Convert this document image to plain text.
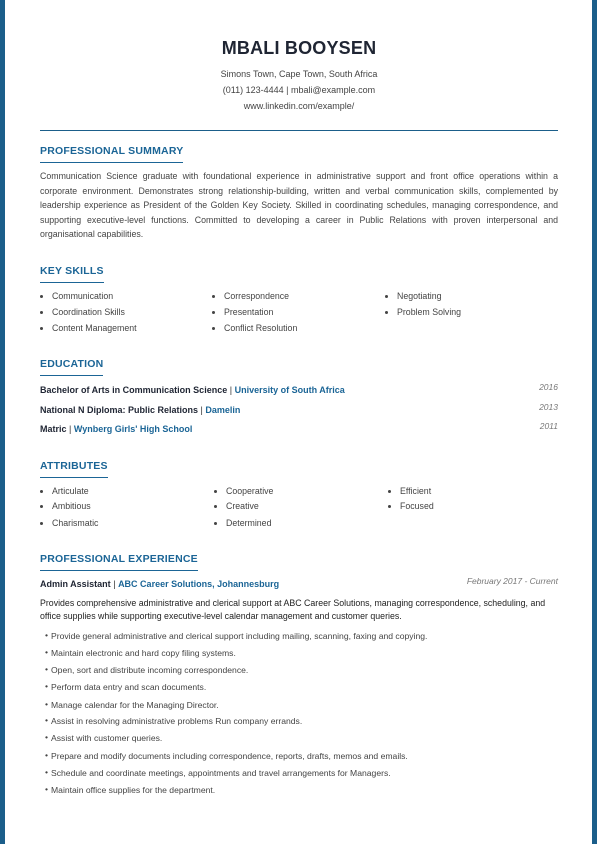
MBALI BOOYSEN
Simons Town, Cape Town, South Africa
(011) 123-4444 | mbali@example.com
www.linkedin.com/example/
PROFESSIONAL SUMMARY
Communication Science graduate with foundational experience in administrative support and front office operations within a corporate environment. Demonstrates strong relationship-building, written and verbal communication skills, complemented by leadership experience as President of the Golden Key Society. Skilled in coordinating schedules, managing correspondence, and supporting executive-level functions. Committed to developing a career in Public Relations with proven interpersonal and organisational capabilities.
KEY SKILLS
Communication
Coordination Skills
Content Management
Correspondence
Presentation
Conflict Resolution
Negotiating
Problem Solving
EDUCATION
Bachelor of Arts in Communication Science | University of South Africa	2016
National N Diploma: Public Relations | Damelin	2013
Matric | Wynberg Girls' High School	2011
ATTRIBUTES
Articulate
Ambitious
Charismatic
Cooperative
Creative
Determined
Efficient
Focused
PROFESSIONAL EXPERIENCE
Admin Assistant | ABC Career Solutions, Johannesburg	February 2017 - Current
Provides comprehensive administrative and clerical support at ABC Career Solutions, managing correspondence, scheduling, and office supplies while supporting executive-level calendar management and customer queries.
• Provide general administrative and clerical support including mailing, scanning, faxing and copying.
• Maintain electronic and hard copy filing systems.
• Open, sort and distribute incoming correspondence.
• Perform data entry and scan documents.
• Manage calendar for the Managing Director.
• Assist in resolving administrative problems Run company errands.
• Assist with customer queries.
• Prepare and modify documents including correspondence, reports, drafts, memos and emails.
• Schedule and coordinate meetings, appointments and travel arrangements for Managers.
• Maintain office supplies for the department.
